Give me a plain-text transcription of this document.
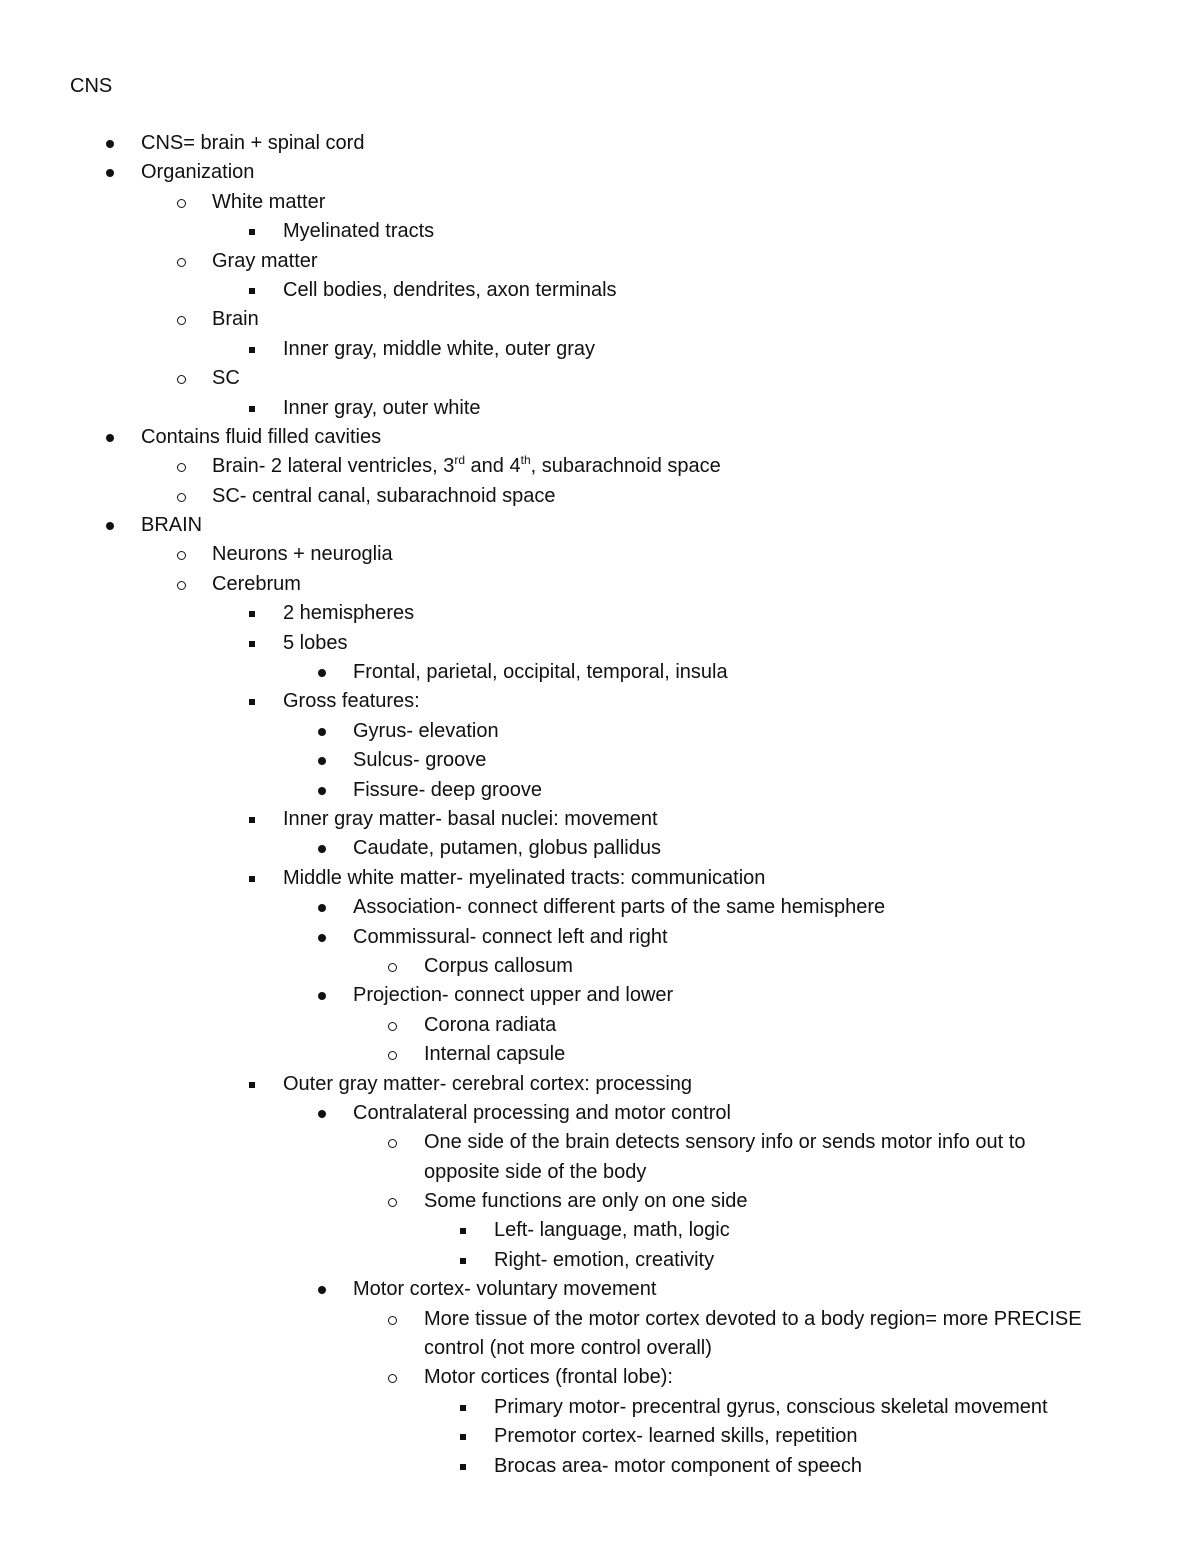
CNS
CNS= brain + spinal cord
Organization
White matter
Myelinated tracts
Gray matter
Cell bodies, dendrites, axon terminals
Brain
Inner gray, middle white, outer gray
SC
Inner gray, outer white
Contains fluid filled cavities
Brain- 2 lateral ventricles, 3rd and 4th, subarachnoid space
SC- central canal, subarachnoid space
BRAIN
Neurons + neuroglia
Cerebrum
2 hemispheres
5 lobes
Frontal, parietal, occipital, temporal, insula
Gross features:
Gyrus- elevation
Sulcus- groove
Fissure- deep groove
Inner gray matter- basal nuclei: movement
Caudate, putamen, globus pallidus
Middle white matter- myelinated tracts: communication
Association- connect different parts of the same hemisphere
Commissural- connect left and right
Corpus callosum
Projection- connect upper and lower
Corona radiata
Internal capsule
Outer gray matter- cerebral cortex: processing
Contralateral processing and motor control
One side of the brain detects sensory info or sends motor info out to opposite side of the body
Some functions are only on one side
Left- language, math, logic
Right- emotion, creativity
Motor cortex- voluntary movement
More tissue of the motor cortex devoted to a body region= more PRECISE control (not more control overall)
Motor cortices (frontal lobe):
Primary motor- precentral gyrus, conscious skeletal movement
Premotor cortex- learned skills, repetition
Brocas area- motor component of speech
